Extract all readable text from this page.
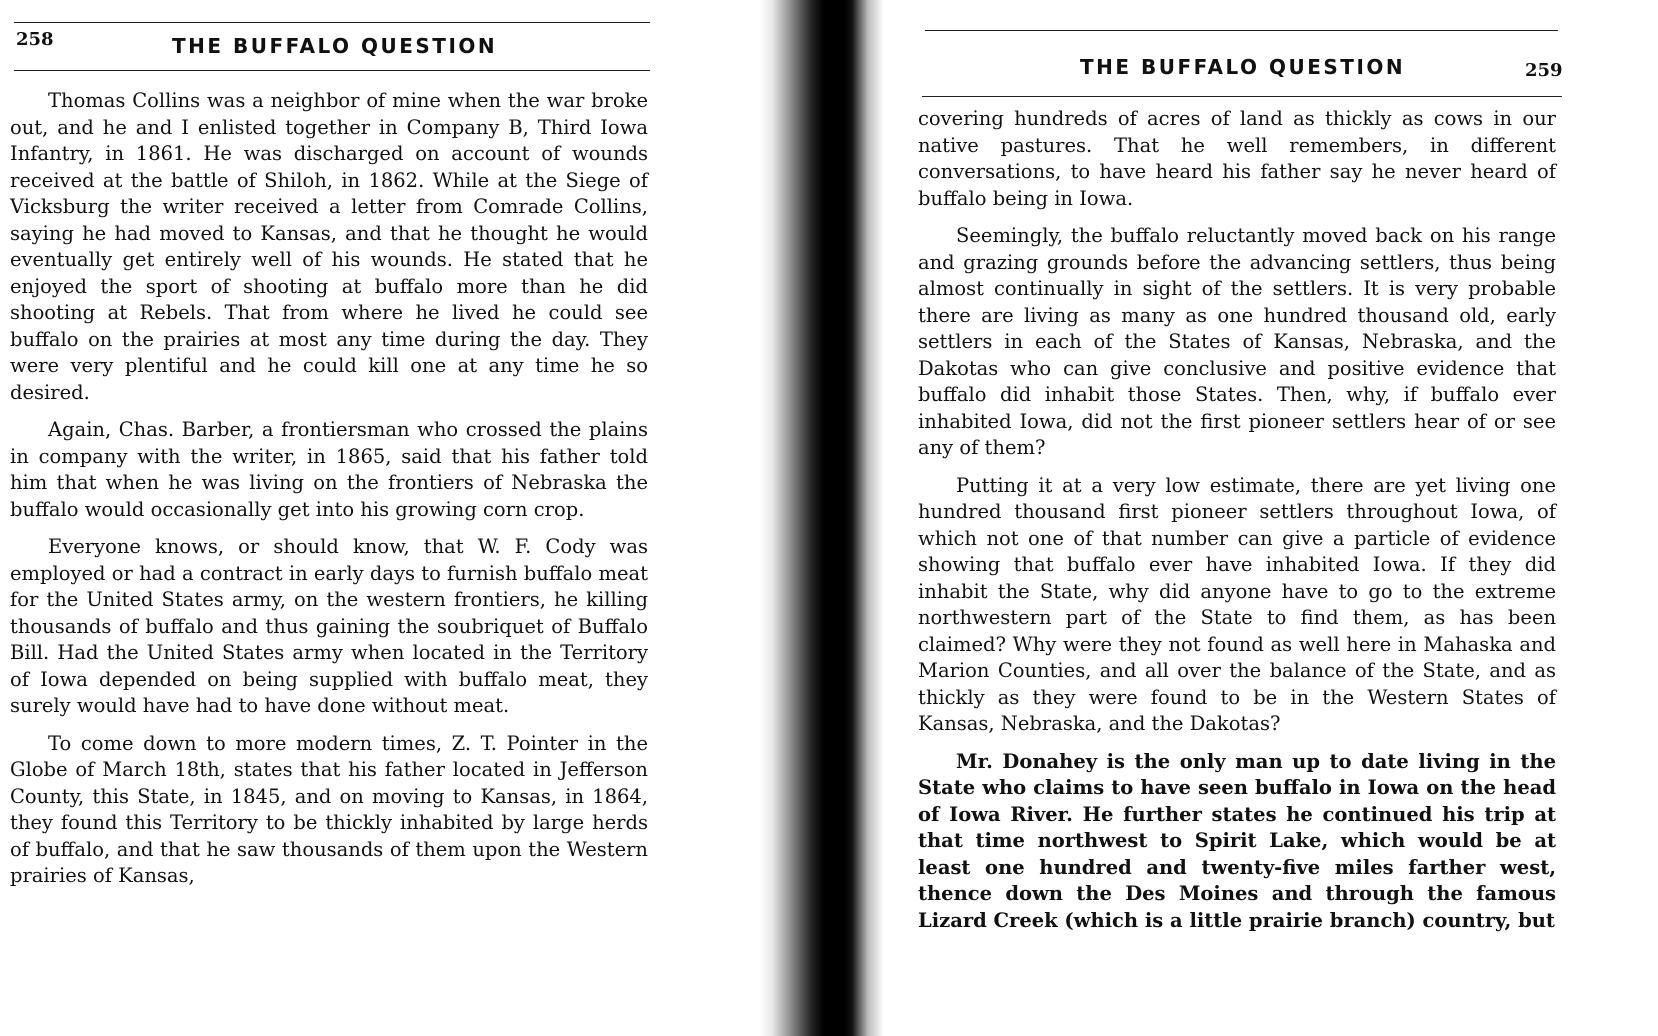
258	THE BUFFALO QUESTION

Thomas Collins was a neighbor of mine when the war broke out, and he and I enlisted together in Company B, Third Iowa Infantry, in 1861. He was discharged on account of wounds received at the battle of Shiloh, in 1862. While at the Siege of Vicksburg the writer received a letter from Comrade Collins, saying he had moved to Kansas, and that he thought he would eventually get entirely well of his wounds. He stated that he enjoyed the sport of shooting at buffalo more than he did shooting at Rebels. That from where he lived he could see buffalo on the prairies at most any time during the day. They were very plentiful and he could kill one at any time he so desired.

Again, Chas. Barber, a frontiersman who crossed the plains in company with the writer, in 1865, said that his father told him that when he was living on the frontiers of Nebraska the buffalo would occasionally get into his growing corn crop.

Everyone knows, or should know, that W. F. Cody was employed or had a contract in early days to furnish buffalo meat for the United States army, on the western frontiers, he killing thousands of buffalo and thus gaining the soubriquet of Buffalo Bill. Had the United States army when located in the Territory of Iowa depended on being supplied with buffalo meat, they surely would have had to have done without meat.

To come down to more modern times, Z. T. Pointer in the Globe of March 18th, states that his father located in Jefferson County, this State, in 1845, and on moving to Kansas, in 1864, they found this Territory to be thickly inhabited by large herds of buffalo, and that he saw thousands of them upon the Western prairies of Kansas,

THE BUFFALO QUESTION	259

covering hundreds of acres of land as thickly as cows in our native pastures. That he well remembers, in different conversations, to have heard his father say he never heard of buffalo being in Iowa.

Seemingly, the buffalo reluctantly moved back on his range and grazing grounds before the advancing settlers, thus being almost continually in sight of the settlers. It is very probable there are living as many as one hundred thousand old, early settlers in each of the States of Kansas, Nebraska, and the Dakotas who can give conclusive and positive evidence that buffalo did inhabit those States. Then, why, if buffalo ever inhabited Iowa, did not the first pioneer settlers hear of or see any of them?

Putting it at a very low estimate, there are yet living one hundred thousand first pioneer settlers throughout Iowa, of which not one of that number can give a particle of evidence showing that buffalo ever have inhabited Iowa. If they did inhabit the State, why did anyone have to go to the extreme northwestern part of the State to find them, as has been claimed? Why were they not found as well here in Mahaska and Marion Counties, and all over the balance of the State, and as thickly as they were found to be in the Western States of Kansas, Nebraska, and the Dakotas?

Mr. Donahey is the only man up to date living in the State who claims to have seen buffalo in Iowa on the head of Iowa River. He further states he continued his trip at that time northwest to Spirit Lake, which would be at least one hundred and twenty-five miles farther west, thence down the Des Moines and through the famous Lizard Creek (which is a little prairie branch) country, but
